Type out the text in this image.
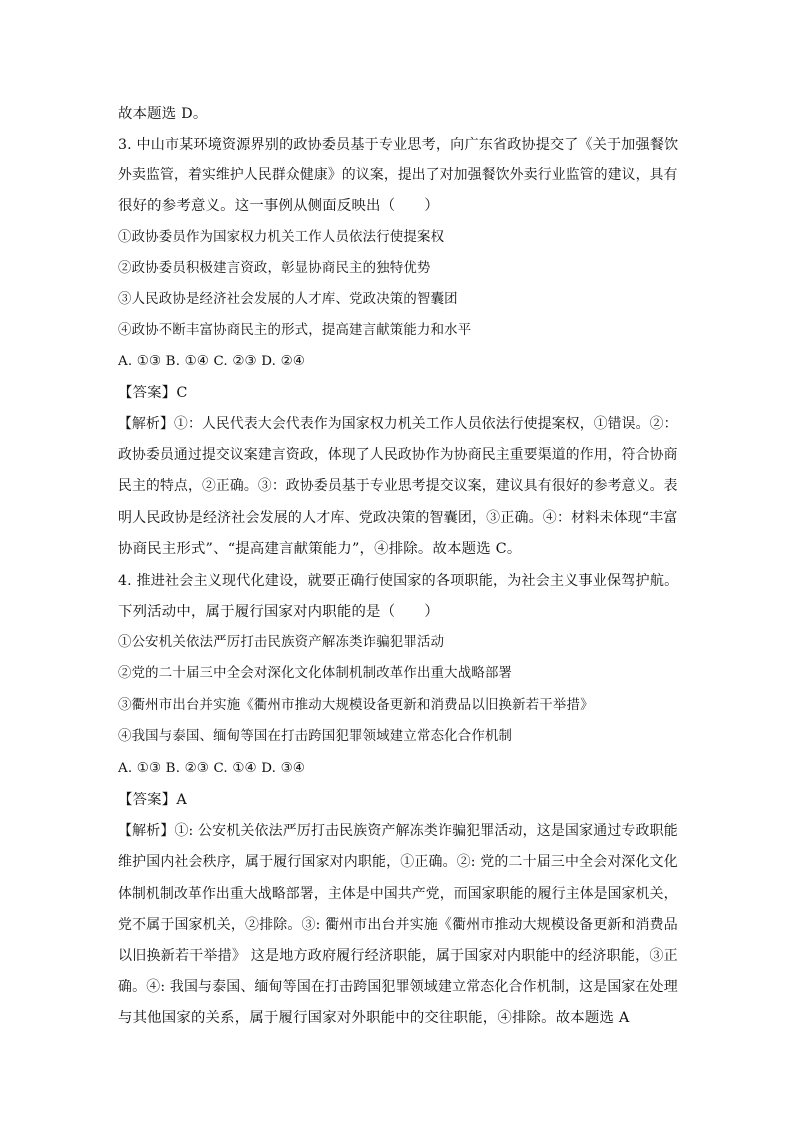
故本题选 D。
3. 中山市某环境资源界别的政协委员基于专业思考，向广东省政协提交了《关于加强餐饮
外卖监管，着实维护人民群众健康》的议案，提出了对加强餐饮外卖行业监管的建议，具有
很好的参考意义。这一事例从侧面反映出（　　）
①政协委员作为国家权力机关工作人员依法行使提案权
②政协委员积极建言资政，彰显协商民主的独特优势
③人民政协是经济社会发展的人才库、党政决策的智囊团
④政协不断丰富协商民主的形式，提高建言献策能力和水平
A. ①③ B. ①④ C. ②③ D. ②④
【答案】C
【解析】①：人民代表大会代表作为国家权力机关工作人员依法行使提案权，①错误。②：
政协委员通过提交议案建言资政，体现了人民政协作为协商民主重要渠道的作用，符合协商
民主的特点，②正确。③：政协委员基于专业思考提交议案，建议具有很好的参考意义。表
明人民政协是经济社会发展的人才库、党政决策的智囊团，③正确。④：材料未体现“丰富
协商民主形式”、“提高建言献策能力”，④排除。故本题选 C。
4. 推进社会主义现代化建设，就要正确行使国家的各项职能，为社会主义事业保驾护航。
下列活动中，属于履行国家对内职能的是（　　）
①公安机关依法严厉打击民族资产解冻类诈骗犯罪活动
②党的二十届三中全会对深化文化体制机制改革作出重大战略部署
③衢州市出台并实施《衢州市推动大规模设备更新和消费品以旧换新若干举措》
④我国与泰国、缅甸等国在打击跨国犯罪领域建立常态化合作机制
A. ①③ B. ②③ C. ①④ D. ③④
【答案】A
【解析】①: 公安机关依法严厉打击民族资产解冻类诈骗犯罪活动，这是国家通过专政职能
维护国内社会秩序，属于履行国家对内职能，①正确。②: 党的二十届三中全会对深化文化
体制机制改革作出重大战略部署，主体是中国共产党，而国家职能的履行主体是国家机关，
党不属于国家机关，②排除。③: 衢州市出台并实施《衢州市推动大规模设备更新和消费品
以旧换新若干举措》 这是地方政府履行经济职能，属于国家对内职能中的经济职能，③正
确。④: 我国与泰国、缅甸等国在打击跨国犯罪领域建立常态化合作机制，这是国家在处理
与其他国家的关系，属于履行国家对外职能中的交往职能，④排除。故本题选 A
